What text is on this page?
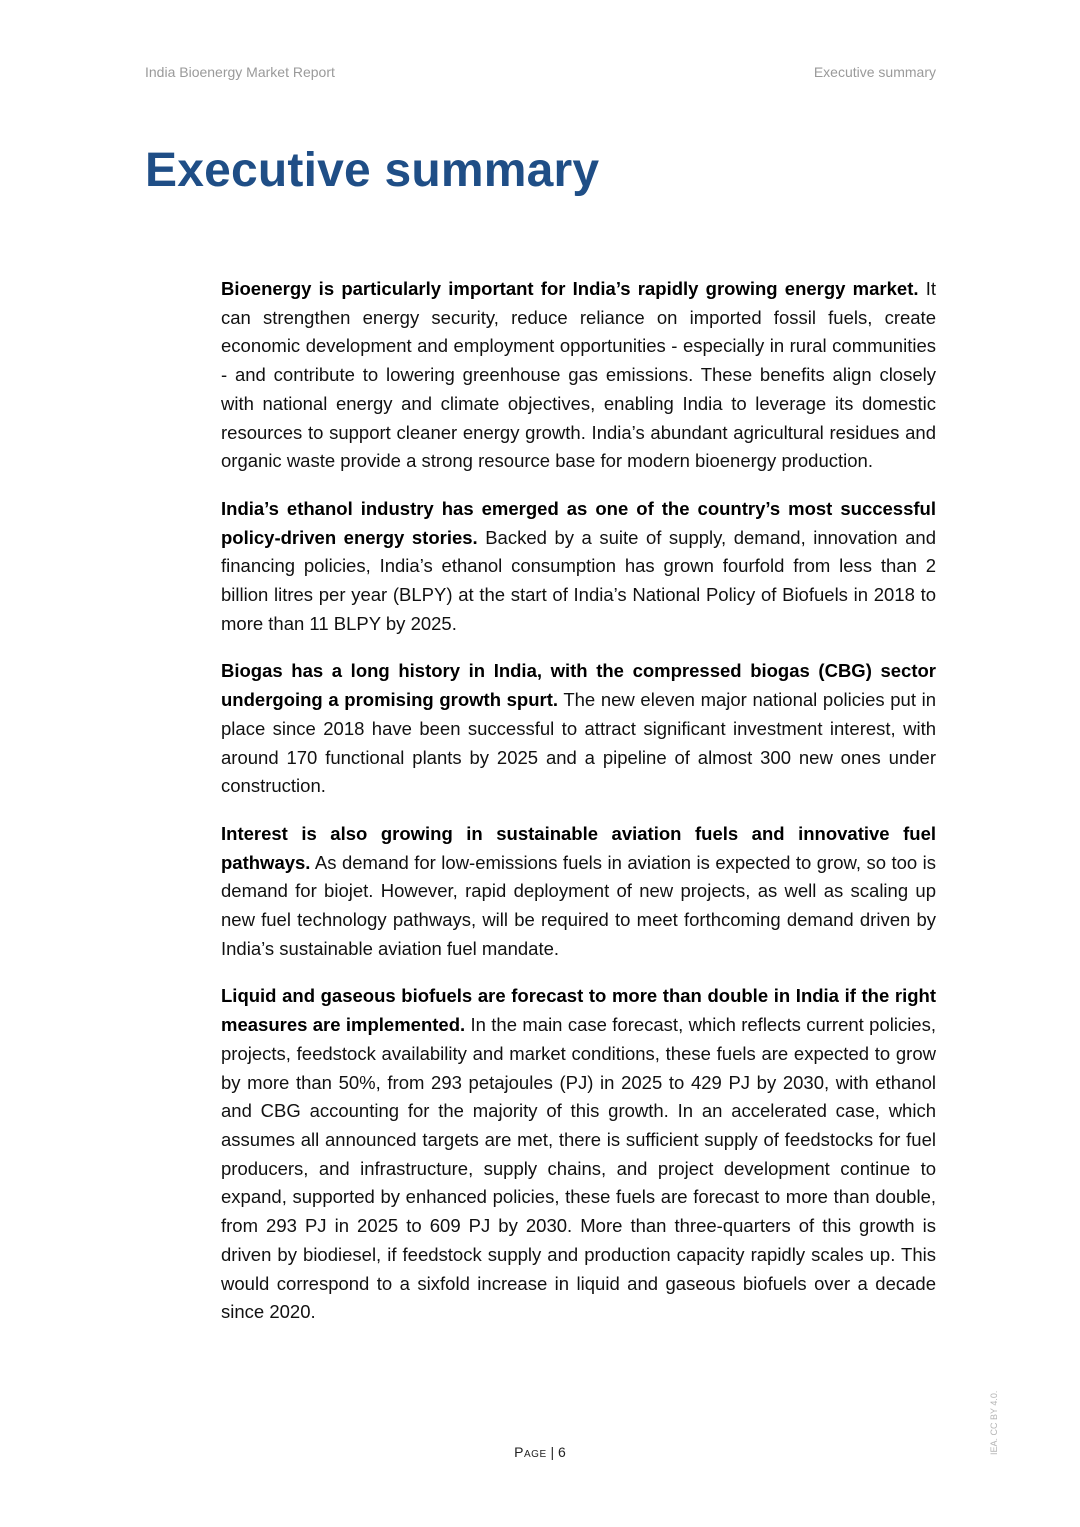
India Bioenergy Market Report	Executive summary
Executive summary

Bioenergy is particularly important for India’s rapidly growing energy market. It can strengthen energy security, reduce reliance on imported fossil fuels, create economic development and employment opportunities - especially in rural communities - and contribute to lowering greenhouse gas emissions. These benefits align closely with national energy and climate objectives, enabling India to leverage its domestic resources to support cleaner energy growth. India’s abundant agricultural residues and organic waste provide a strong resource base for modern bioenergy production.

India’s ethanol industry has emerged as one of the country’s most successful policy-driven energy stories. Backed by a suite of supply, demand, innovation and financing policies, India’s ethanol consumption has grown fourfold from less than 2 billion litres per year (BLPY) at the start of India’s National Policy of Biofuels in 2018 to more than 11 BLPY by 2025.

Biogas has a long history in India, with the compressed biogas (CBG) sector undergoing a promising growth spurt. The new eleven major national policies put in place since 2018 have been successful to attract significant investment interest, with around 170 functional plants by 2025 and a pipeline of almost 300 new ones under construction.

Interest is also growing in sustainable aviation fuels and innovative fuel pathways. As demand for low-emissions fuels in aviation is expected to grow, so too is demand for biojet. However, rapid deployment of new projects, as well as scaling up new fuel technology pathways, will be required to meet forthcoming demand driven by India’s sustainable aviation fuel mandate.

Liquid and gaseous biofuels are forecast to more than double in India if the right measures are implemented. In the main case forecast, which reflects current policies, projects, feedstock availability and market conditions, these fuels are expected to grow by more than 50%, from 293 petajoules (PJ) in 2025 to 429 PJ by 2030, with ethanol and CBG accounting for the majority of this growth. In an accelerated case, which assumes all announced targets are met, there is sufficient supply of feedstocks for fuel producers, and infrastructure, supply chains, and project development continue to expand, supported by enhanced policies, these fuels are forecast to more than double, from 293 PJ in 2025 to 609 PJ by 2030. More than three-quarters of this growth is driven by biodiesel, if feedstock supply and production capacity rapidly scales up. This would correspond to a sixfold increase in liquid and gaseous biofuels over a decade since 2020.

Page | 6	IEA. CC BY 4.0.
